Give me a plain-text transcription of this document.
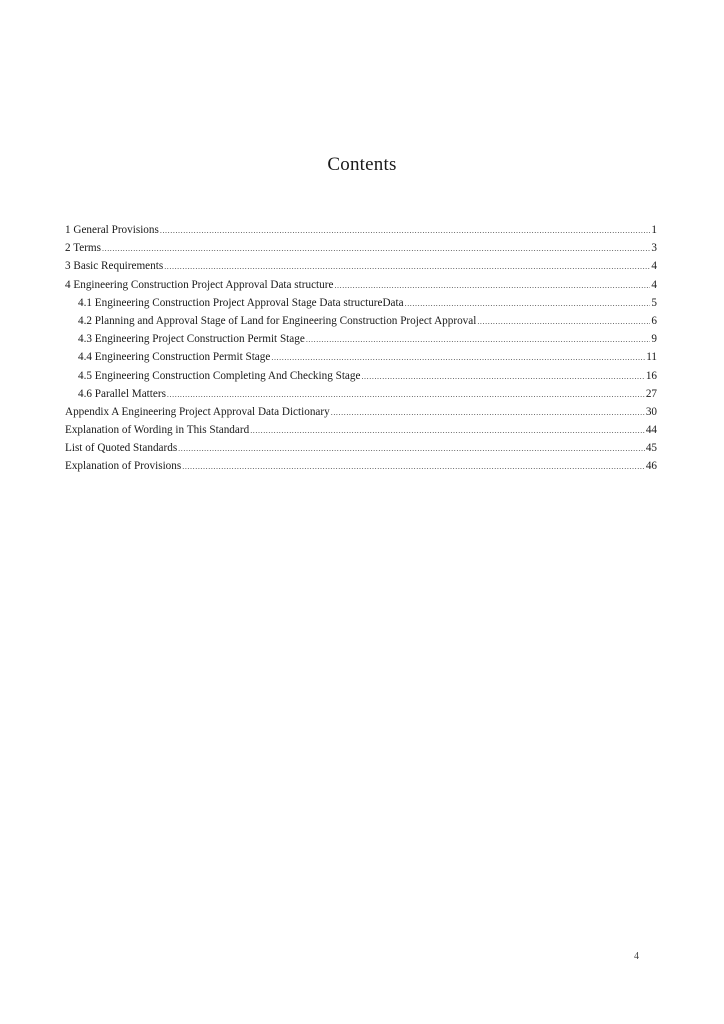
Contents
1 General Provisions .....	1
2 Terms .....	3
3 Basic Requirements .....	4
4 Engineering Construction Project Approval Data structure .....	4
4.1 Engineering Construction Project Approval Stage Data structureData .....	5
4.2 Planning and Approval Stage of Land for Engineering Construction Project Approval .....	6
4.3 Engineering Project Construction Permit Stage .....	9
4.4 Engineering Construction Permit Stage .....	11
4.5 Engineering Construction Completing And Checking Stage .....	16
4.6 Parallel Matters .....	27
Appendix A Engineering Project Approval Data Dictionary .....	30
Explanation of Wording in This Standard .....	44
List of Quoted Standards .....	45
Explanation of Provisions .....	46
4
